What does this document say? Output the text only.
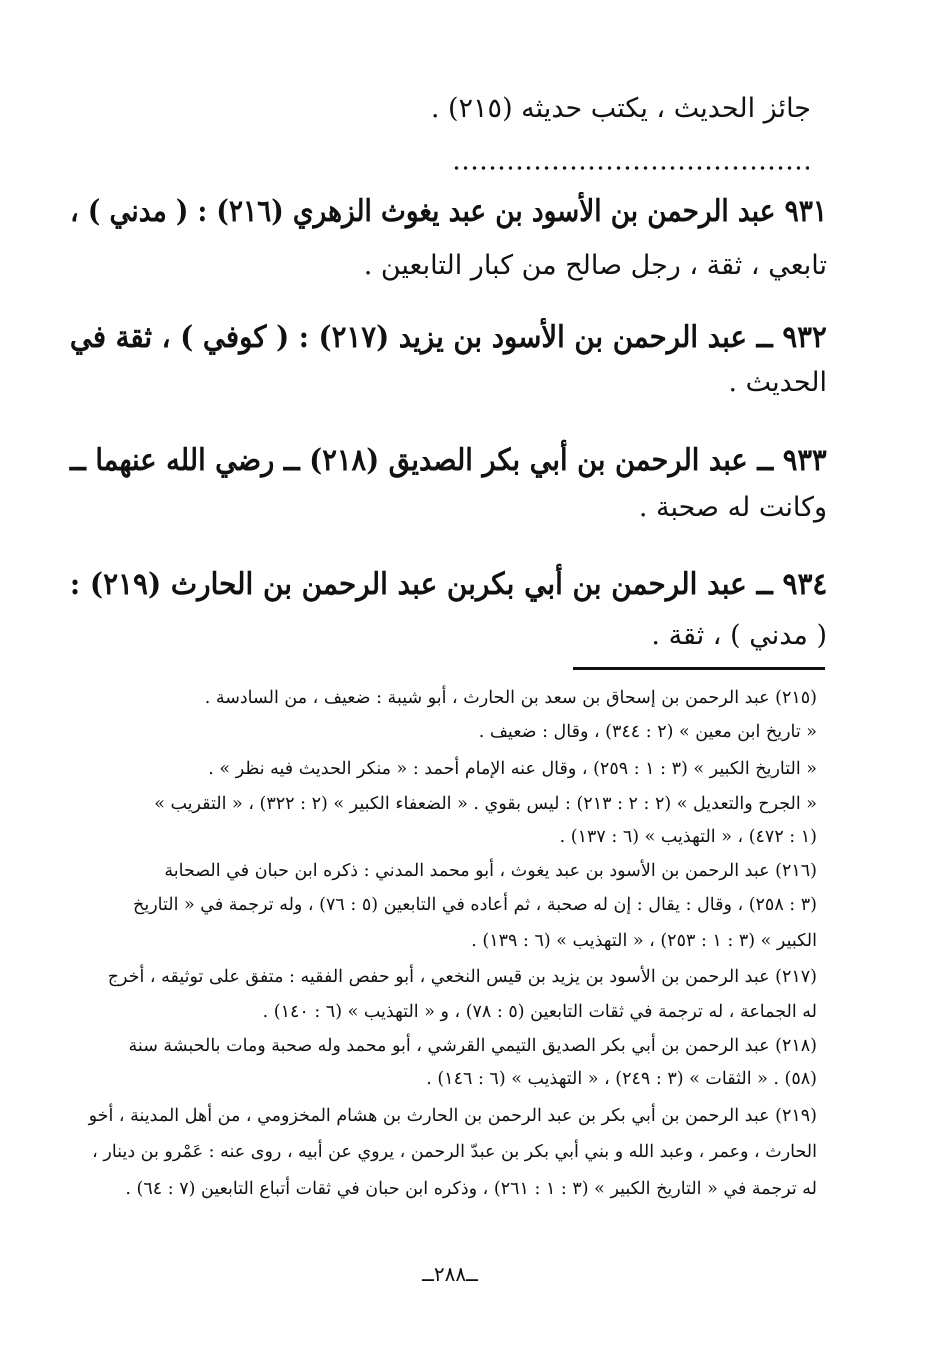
جائز الحديث ، يكتب حديثه (٢١٥) .
٩٣١ عبد الرحمن بن الأسود بن عبد يغوث الزهري (٢١٦) : ( مدني ) ،
تابعي ، ثقة ، رجل صالح من كبار التابعين .
٩٣٢ ــ عبد الرحمن بن الأسود بن يزيد (٢١٧) : ( كوفي ) ، ثقة في
الحديث .
٩٣٣ ــ عبد الرحمن بن أبي بكر الصديق (٢١٨) ــ رضي الله عنهما ــ
وكانت له صحبة .
٩٣٤ ــ عبد الرحمن بن أبي بكربن عبد الرحمن بن الحارث (٢١٩) :
( مدني ) ، ثقة .
(٢١٥) عبد الرحمن بن إسحاق بن سعد بن الحارث ، أبو شيبة : ضعيف ، من السادسة .
« تاريخ ابن معين » (٢ : ٣٤٤) ، وقال : ضعيف .
« التاريخ الكبير » (٣ : ١ : ٢٥٩) ، وقال عنه الإمام أحمد : « منكر الحديث فيه نظر » .
« الجرح والتعديل » (٢ : ٢ : ٢١٣) : ليس بقوي . « الضعفاء الكبير » (٢ : ٣٢٢) ، « التقريب »
(١ : ٤٧٢) ، « التهذيب » (٦ : ١٣٧) .
(٢١٦) عبد الرحمن بن الأسود بن عبد يغوث ، أبو محمد المدني : ذكره ابن حبان في الصحابة
(٣ : ٢٥٨) ، وقال : يقال : إن له صحبة ، ثم أعاده في التابعين (٥ : ٧٦) ، وله ترجمة في « التاريخ
الكبير » (٣ : ١ : ٢٥٣) ، « التهذيب » (٦ : ١٣٩) .
(٢١٧) عبد الرحمن بن الأسود بن يزيد بن قيس النخعي ، أبو حفص الفقيه : متفق على توثيقه ، أخرج
له الجماعة ، له ترجمة في ثقات التابعين (٥ : ٧٨) ، و « التهذيب » (٦ : ١٤٠) .
(٢١٨) عبد الرحمن بن أبي بكر الصديق التيمي القرشي ، أبو محمد وله صحبة ومات بالحبشة سنة
(٥٨) . « الثقات » (٣ : ٢٤٩) ، « التهذيب » (٦ : ١٤٦) .
(٢١٩) عبد الرحمن بن أبي بكر بن عبد الرحمن بن الحارث بن هشام المخزومي ، من أهل المدينة ، أخو
الحارث ، وعمر ، وعبد الله و بني أبي بكر بن عبدّ الرحمن ، يروي عن أبيه ، روى عنه : عَمْرو بن دينار ،
له ترجمة في « التاريخ الكبير » (٣ : ١ : ٢٦١) ، وذكره ابن حبان في ثقات أتباع التابعين (٧ : ٦٤) .
ــ٢٨٨ــ
